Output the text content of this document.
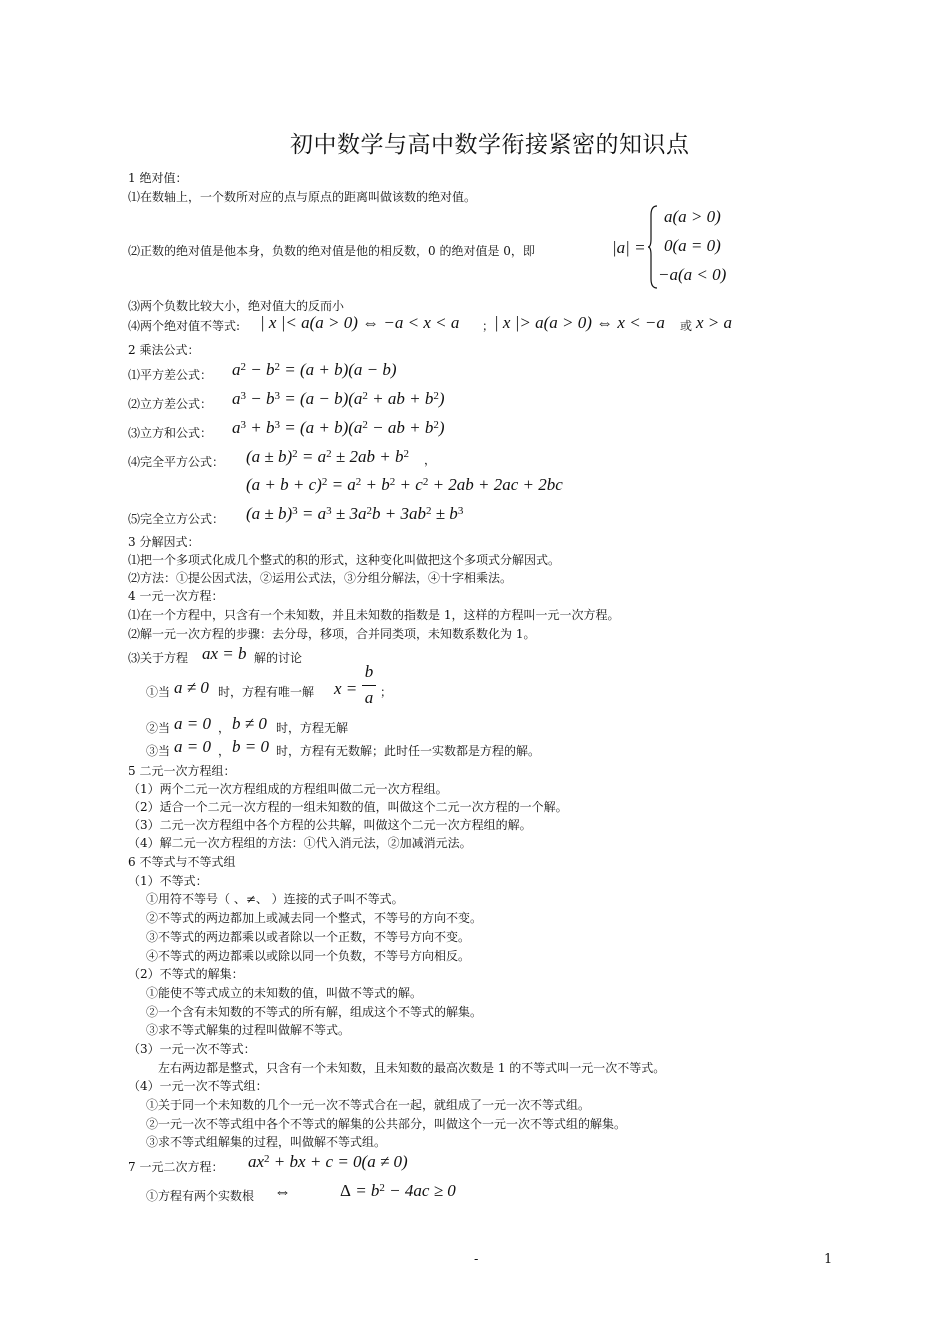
初中数学与高中数学衔接紧密的知识点
1 绝对值：
⑴在数轴上，一个数所对应的点与原点的距离叫做该数的绝对值。
⑵正数的绝对值是他本身，负数的绝对值是他的相反数，0 的绝对值是 0，即	|a| =
a(a > 0)
0(a = 0)
−a(a < 0)
⑶两个负数比较大小，绝对值大的反而小
⑷两个绝对值不等式: | x |< a(a > 0) ⇔ −a < x < a ； | x |> a(a > 0) ⇔ x < −a 或 x > a
2 乘法公式：
⑴平方差公式： $a^2 - b^2 = (a + b)(a - b)$
⑵立方差公式： $a^3 - b^3 = (a - b)(a^2$ + ab + $b^2$)
⑶立方和公式： $a^3 + b^3 = (a + b)(a^2$ − ab + $b^2$)
⑷完全平方公式： $(a \pm b)^2 = a^2 \pm 2ab + b^2$ ，
$(a + b + c)^2 = a^2 + b^2 + c^2 + 2ab + 2ac + 2bc$
⑸完全立方公式： $(a \pm b)^3 = a^3 \pm 3a^2b + 3ab^2 \pm b^3$
3 分解因式：
⑴把一个多项式化成几个整式的积的形式，这种变化叫做把这个多项式分解因式。
⑵方法：①提公因式法，②运用公式法，③分组分解法，④十字相乘法。
4 一元一次方程：
⑴在一个方程中，只含有一个未知数，并且未知数的指数是 1，这样的方程叫一元一次方程。
⑵解一元一次方程的步骤：去分母，移项，合并同类项，未知数系数化为 1。
⑶关于方程 ax = b 解的讨论
①当 a ≠ 0 时，方程有唯一解 x =
b
a ；
②当 a = 0 ， b ≠ 0 时，方程无解
③当 a = 0 ， b = 0 时，方程有无数解；此时任一实数都是方程的解。
5 二元一次方程组：
（1）两个二元一次方程组成的方程组叫做二元一次方程组。
（2）适合一个二元一次方程的一组未知数的值，叫做这个二元一次方程的一个解。
（3）二元一次方程组中各个方程的公共解，叫做这个二元一次方程组的解。
（4）解二元一次方程组的方法：①代入消元法，②加减消元法。
6 不等式与不等式组
（1）不等式：
①用符不等号（ 、≠、 ）连接的式子叫不等式。
②不等式的两边都加上或减去同一个整式，不等号的方向不变。
③不等式的两边都乘以或者除以一个正数，不等号方向不变。
④不等式的两边都乘以或除以同一个负数，不等号方向相反。
（2）不等式的解集：
①能使不等式成立的未知数的值，叫做不等式的解。
②一个含有未知数的不等式的所有解，组成这个不等式的解集。
③求不等式解集的过程叫做解不等式。
（3）一元一次不等式：
左右两边都是整式，只含有一个未知数，且未知数的最高次数是 1 的不等式叫一元一次不等式。
（4）一元一次不等式组：
①关于同一个未知数的几个一元一次不等式合在一起，就组成了一元一次不等式组。
②一元一次不等式组中各个不等式的解集的公共部分，叫做这个一元一次不等式组的解集。
③求不等式组解集的过程，叫做解不等式组。
7 一元二次方程： $ax^2$ + bx + c = 0(a ≠ 0)
①方程有两个实数根 ⇔	$\Delta = b^2 - 4ac \ge 0$
-	1
